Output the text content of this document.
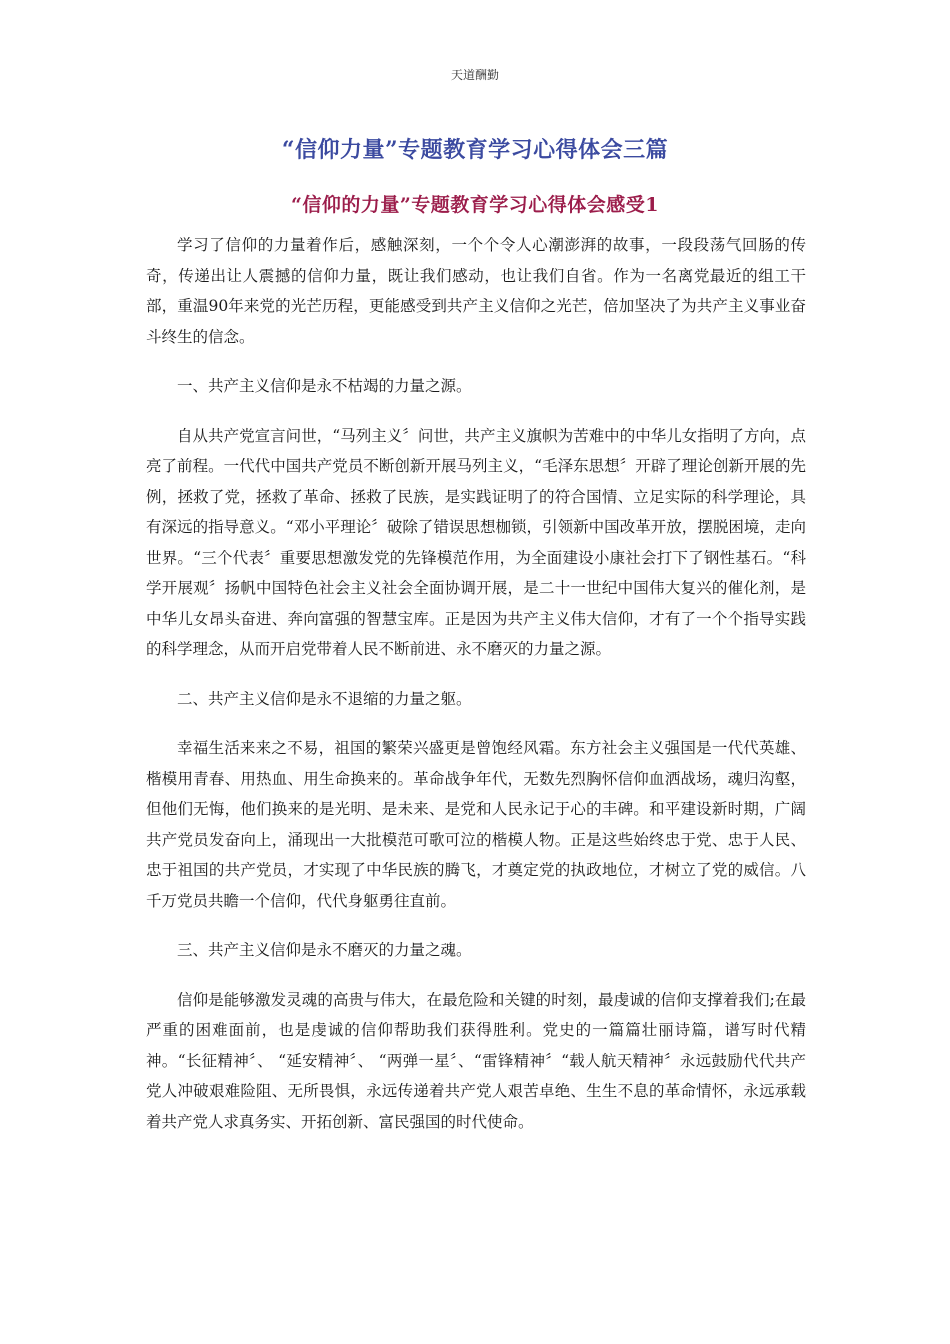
天道酬勤
“信仰力量”专题教育学习心得体会三篇
“信仰的力量”专题教育学习心得体会感受1

学习了信仰的力量着作后，感触深刻，一个个令人心潮澎湃的故事，一段段荡气回肠的传奇，传递出让人震撼的信仰力量，既让我们感动，也让我们自省。作为一名离党最近的组工干部，重温90年来党的光芒历程，更能感受到共产主义信仰之光芒，倍加坚决了为共产主义事业奋斗终生的信念。

一、共产主义信仰是永不枯竭的力量之源。

自从共产党宣言问世，“马列主义〞问世，共产主义旗帜为苦难中的中华儿女指明了方向，点亮了前程。一代代中国共产党员不断创新开展马列主义，“毛泽东思想〞开辟了理论创新开展的先例，拯救了党，拯救了革命、拯救了民族，是实践证明了的符合国情、立足实际的科学理论，具有深远的指导意义。“邓小平理论〞破除了错误思想枷锁，引领新中国改革开放，摆脱困境，走向世界。“三个代表〞重要思想激发党的先锋模范作用，为全面建设小康社会打下了钢性基石。“科学开展观〞扬帆中国特色社会主义社会全面协调开展，是二十一世纪中国伟大复兴的催化剂，是中华儿女昂头奋进、奔向富强的智慧宝库。正是因为共产主义伟大信仰，才有了一个个指导实践的科学理念，从而开启党带着人民不断前进、永不磨灭的力量之源。

二、共产主义信仰是永不退缩的力量之躯。

幸福生活来来之不易，祖国的繁荣兴盛更是曾饱经风霜。东方社会主义强国是一代代英雄、楷模用青春、用热血、用生命换来的。革命战争年代，无数先烈胸怀信仰血洒战场，魂归沟壑，但他们无悔，他们换来的是光明、是未来、是党和人民永记于心的丰碑。和平建设新时期，广阔共产党员发奋向上，涌现出一大批模范可歌可泣的楷模人物。正是这些始终忠于党、忠于人民、忠于祖国的共产党员，才实现了中华民族的腾飞，才奠定党的执政地位，才树立了党的威信。八千万党员共瞻一个信仰，代代身躯勇往直前。

三、共产主义信仰是永不磨灭的力量之魂。

信仰是能够激发灵魂的高贵与伟大，在最危险和关键的时刻，最虔诚的信仰支撑着我们;在最严重的困难面前，也是虔诚的信仰帮助我们获得胜利。党史的一篇篇壮丽诗篇，谱写时代精神。“长征精神〞、 “延安精神〞、 “两弹一星〞、“雷锋精神〞“载人航天精神〞永远鼓励代代共产党人冲破艰难险阻、无所畏惧，永远传递着共产党人艰苦卓绝、生生不息的革命情怀，永远承载着共产党人求真务实、开拓创新、富民强国的时代使命。
